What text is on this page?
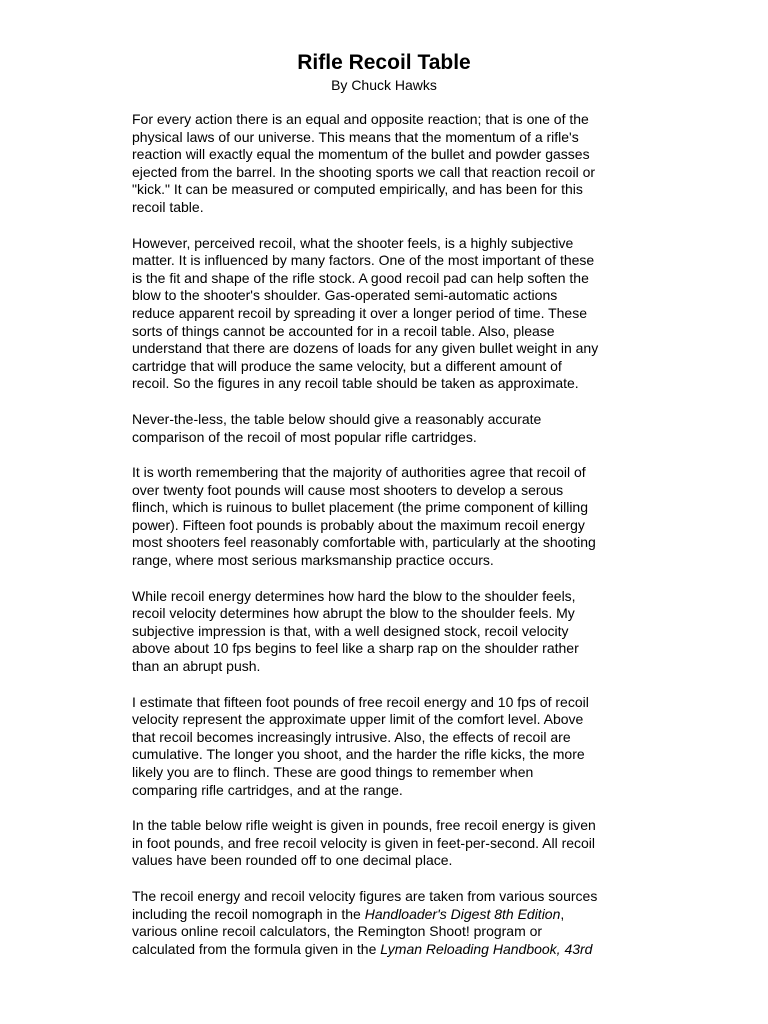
Rifle Recoil Table
By Chuck Hawks

For every action there is an equal and opposite reaction; that is one of the
physical laws of our universe. This means that the momentum of a rifle's
reaction will exactly equal the momentum of the bullet and powder gasses
ejected from the barrel. In the shooting sports we call that reaction recoil or
"kick." It can be measured or computed empirically, and has been for this
recoil table.

However, perceived recoil, what the shooter feels, is a highly subjective
matter. It is influenced by many factors. One of the most important of these
is the fit and shape of the rifle stock. A good recoil pad can help soften the
blow to the shooter's shoulder. Gas-operated semi-automatic actions
reduce apparent recoil by spreading it over a longer period of time. These
sorts of things cannot be accounted for in a recoil table. Also, please
understand that there are dozens of loads for any given bullet weight in any
cartridge that will produce the same velocity, but a different amount of
recoil. So the figures in any recoil table should be taken as approximate.

Never-the-less, the table below should give a reasonably accurate
comparison of the recoil of most popular rifle cartridges.

It is worth remembering that the majority of authorities agree that recoil of
over twenty foot pounds will cause most shooters to develop a serous
flinch, which is ruinous to bullet placement (the prime component of killing
power). Fifteen foot pounds is probably about the maximum recoil energy
most shooters feel reasonably comfortable with, particularly at the shooting
range, where most serious marksmanship practice occurs.

While recoil energy determines how hard the blow to the shoulder feels,
recoil velocity determines how abrupt the blow to the shoulder feels. My
subjective impression is that, with a well designed stock, recoil velocity
above about 10 fps begins to feel like a sharp rap on the shoulder rather
than an abrupt push.

I estimate that fifteen foot pounds of free recoil energy and 10 fps of recoil
velocity represent the approximate upper limit of the comfort level. Above
that recoil becomes increasingly intrusive. Also, the effects of recoil are
cumulative. The longer you shoot, and the harder the rifle kicks, the more
likely you are to flinch. These are good things to remember when
comparing rifle cartridges, and at the range.

In the table below rifle weight is given in pounds, free recoil energy is given
in foot pounds, and free recoil velocity is given in feet-per-second. All recoil
values have been rounded off to one decimal place.

The recoil energy and recoil velocity figures are taken from various sources
including the recoil nomograph in the Handloader's Digest 8th Edition,
various online recoil calculators, the Remington Shoot! program or
calculated from the formula given in the Lyman Reloading Handbook, 43rd
